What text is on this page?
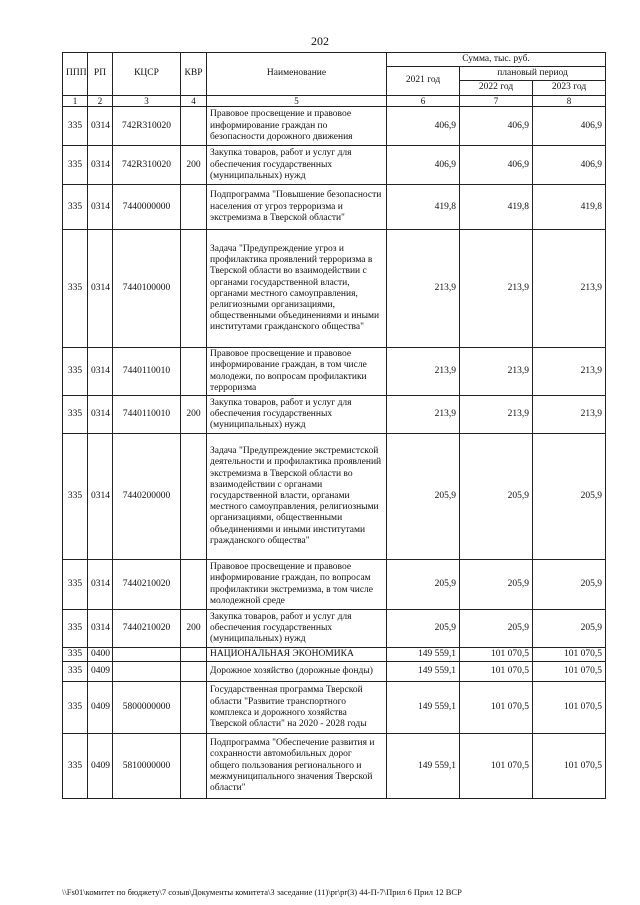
202
ППП	РП	КЦСР	КВР	Наименование	Сумма, тыс. руб.		
					2021 год	плановый период	
						2022 год	2023 год
1	2	3	4	5	6	7	8
335	0314	742R310020		Правовое просвещение и правовое информирование граждан по безопасности дорожного движения	406,9	406,9	406,9
335	0314	742R310020	200	Закупка товаров, работ и услуг для обеспечения государственных (муниципальных) нужд	406,9	406,9	406,9
335	0314	7440000000		Подпрограмма "Повышение безопасности населения от угроз терроризма и экстремизма в Тверской области"	419,8	419,8	419,8
335	0314	7440100000		Задача "Предупреждение угроз и профилактика проявлений терроризма в Тверской области во взаимодействии с органами государственной власти, органами местного самоуправления, религиозными организациями, общественными объединениями и иными институтами гражданского общества"	213,9	213,9	213,9
335	0314	7440110010		Правовое просвещение и правовое информирование граждан, в том числе молодежи, по вопросам профилактики терроризма	213,9	213,9	213,9
335	0314	7440110010	200	Закупка товаров, работ и услуг для обеспечения государственных (муниципальных) нужд	213,9	213,9	213,9
335	0314	7440200000		Задача "Предупреждение экстремистской деятельности и профилактика проявлений экстремизма в Тверской области во взаимодействии с органами государственной власти, органами местного самоуправления, религиозными организациями, общественными объединениями и иными институтами гражданского общества"	205,9	205,9	205,9
335	0314	7440210020		Правовое просвещение и правовое информирование граждан, по вопросам профилактики экстремизма, в том числе молодежной среде	205,9	205,9	205,9
335	0314	7440210020	200	Закупка товаров, работ и услуг для обеспечения государственных (муниципальных) нужд	205,9	205,9	205,9
335	0400			НАЦИОНАЛЬНАЯ ЭКОНОМИКА	149 559,1	101 070,5	101 070,5
335	0409			Дорожное хозяйство (дорожные фонды)	149 559,1	101 070,5	101 070,5
335	0409	5800000000		Государственная программа Тверской области "Развитие транспортного комплекса и дорожного хозяйства Тверской области" на 2020 - 2028 годы	149 559,1	101 070,5	101 070,5
335	0409	5810000000		Подпрограмма "Обеспечение развития и сохранности автомобильных дорог общего пользования регионального и межмуниципального значения Тверской области"	149 559,1	101 070,5	101 070,5
\\Fs01\комитет по бюджету\7 созыв\Документы комитета\3 заседание (11)\pr\pr(3) 44-П-7\Прил 6 Прил 12 ВСР
